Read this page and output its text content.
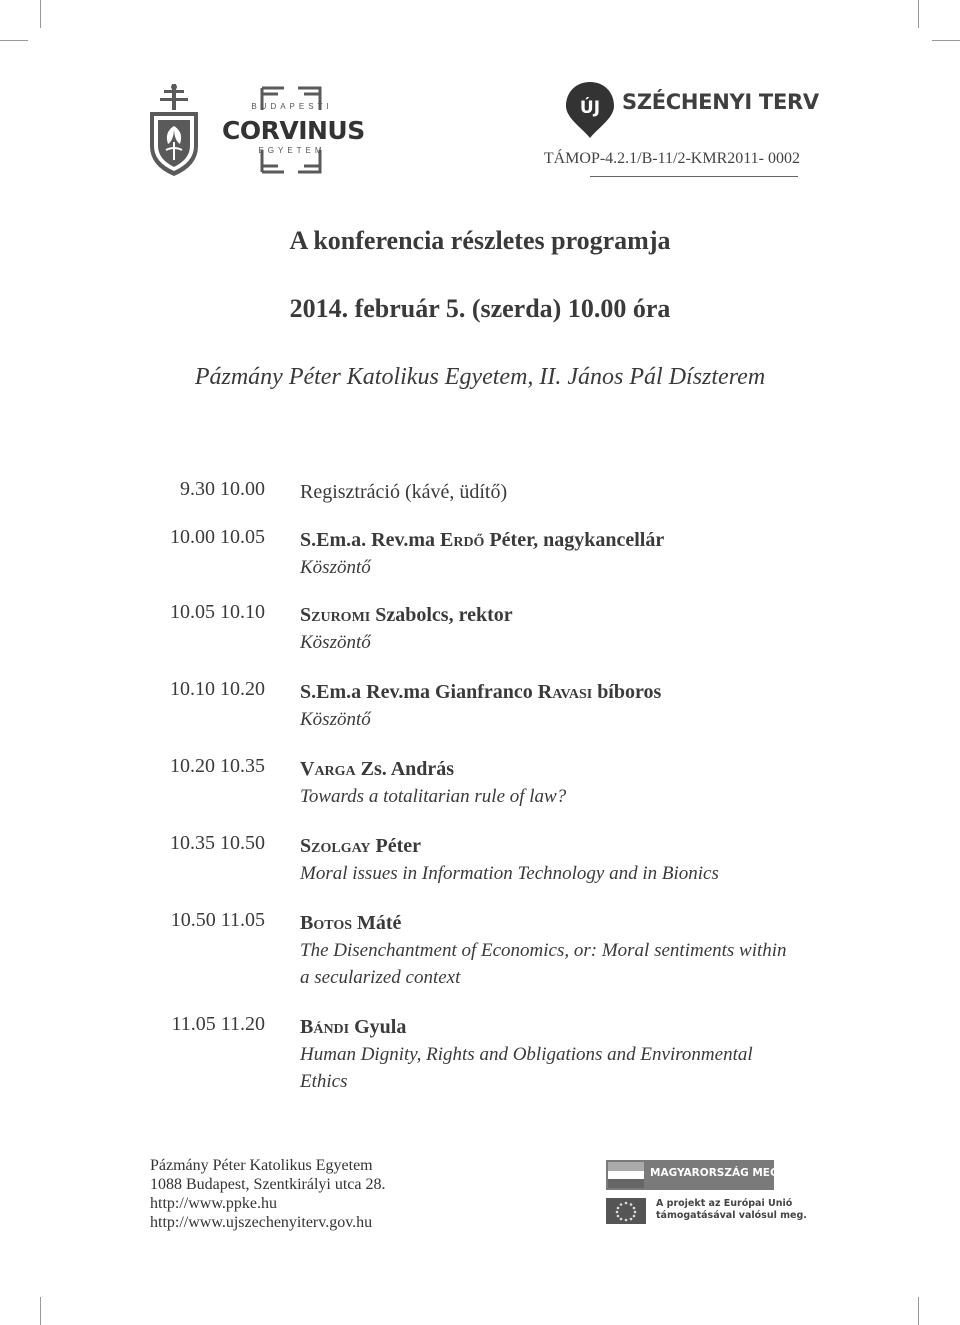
BUDAPESTI
CORVINUS
EGYETEM
ÚJ SZÉCHENYI TERV
TÁMOP-4.2.1/B-11/2-KMR2011- 0002
A konferencia részletes programja
2014. február 5. (szerda) 10.00 óra
Pázmány Péter Katolikus Egyetem, II. János Pál Díszterem
9.30 10.00 Regisztráció (kávé, üdítő)
10.00 10.05 S.Em.a. Rev.ma Erdő Péter, nagykancellár
Köszöntő
10.05 10.10 Szuromi Szabolcs, rektor
Köszöntő
10.10 10.20 S.Em.a Rev.ma Gianfranco Ravasi bíboros
Köszöntő
10.20 10.35 Varga Zs. András
Towards a totalitarian rule of law?
10.35 10.50 Szolgay Péter
Moral issues in Information Technology and in Bionics
10.50 11.05 Botos Máté
The Disenchantment of Economics, or: Moral sentiments within a secularized context
11.05 11.20 Bándi Gyula
Human Dignity, Rights and Obligations and Environmental Ethics
Pázmány Péter Katolikus Egyetem
1088 Budapest, Szentkirályi utca 28.
http://www.ppke.hu
http://www.ujszechenyiterv.gov.hu
MAGYARORSZÁG MEGÚJUL
A projekt az Európai Unió
támogatásával valósul meg.
